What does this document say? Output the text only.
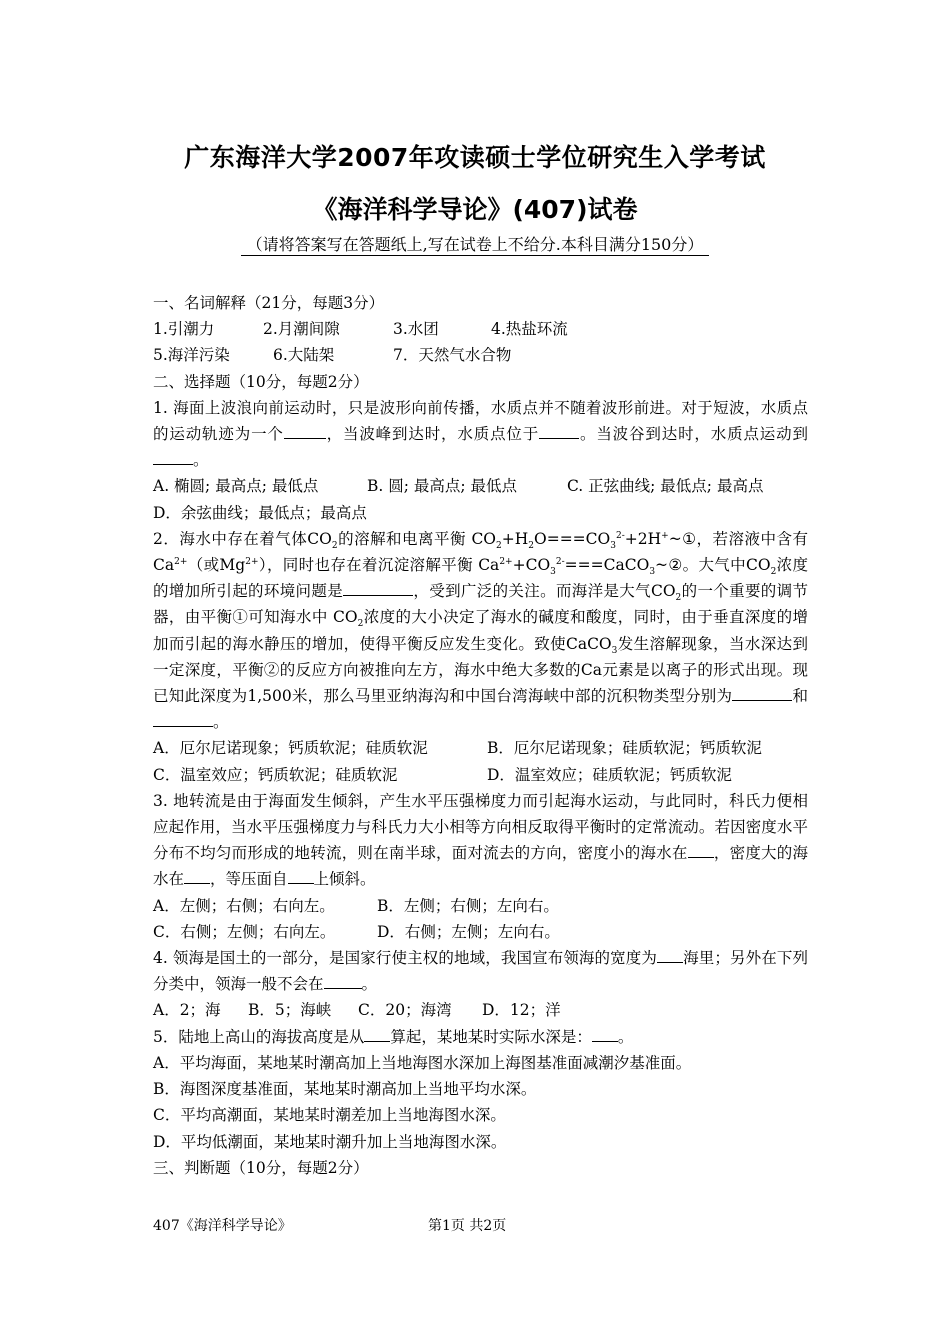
广东海洋大学2007年攻读硕士学位研究生入学考试
《海洋科学导论》(407)试卷
（请将答案写在答题纸上,写在试卷上不给分.本科目满分150分）

一、名词解释（21分，每题3分）

1.引潮力	2.月潮间隙	3.水团	4.热盐环流
5.海洋污染	6.大陆架	7．天然气水合物

二、选择题（10分，每题2分）

1. 海面上波浪向前运动时，只是波形向前传播，水质点并不随着波形前进。对于短波，水质点的运动轨迹为一个	，当波峰到达时，水质点位于	。当波谷到达时，水质点运动到。

A. 椭圆; 最高点; 最低点	B. 圆; 最高点; 最低点	C. 正弦曲线; 最低点; 最高点

D．余弦曲线；最低点；最高点

2．海水中存在着气体$CO_2$的溶解和电离平衡 $CO_2+H_2O===CO_3^{2-}+2H^+\sim ①$，若溶液中含有$Ca^{2+}$（或$Mg^{2+}$），同时也存在着沉淀溶解平衡 $Ca^{2+}+CO_3^{2-}===CaCO_3\sim ②$。大气中$CO_2$浓度的增加所引起的环境问题是	，受到广泛的关注。而海洋是大气$CO_2$的一个重要的调节器，由平衡①可知海水中 $CO_2$浓度的大小决定了海水的碱度和酸度，同时，由于垂直深度的增加而引起的海水静压的增加，使得平衡反应发生变化。致使CaCO$_3$发生溶解现象，当水深达到一定深度，平衡②的反应方向被推向左方，海水中绝大多数的Ca元素是以离子的形式出现。现已知此深度为1,500米，那么马里亚纳海沟和中国台湾海峡中部的沉积物类型分别为	和。

A．厄尔尼诺现象；钙质软泥；硅质软泥	B．厄尔尼诺现象；硅质软泥；钙质软泥
C．温室效应；钙质软泥；硅质软泥	D．温室效应；硅质软泥；钙质软泥

3. 地转流是由于海面发生倾斜，产生水平压强梯度力而引起海水运动，与此同时，科氏力便相应起作用，当水平压强梯度力与科氏力大小相等方向相反取得平衡时的定常流动。若因密度水平分布不均匀而形成的地转流，则在南半球，面对流去的方向，密度小的海水在 ，密度大的海水在 ，等压面自 上倾斜。

A．左侧；右侧；右向左。	B．左侧；右侧；左向右。
C．右侧；左侧；右向左。	D．右侧；左侧；左向右。

4. 领海是国土的一部分，是国家行使主权的地域，我国宣布领海的宽度为 海里；另外在下列分类中，领海一般不会在 。

A．2；海	B．5；海峡	C．20；海湾	D．12；洋

5．陆地上高山的海拔高度是从 算起，某地某时实际水深是： 。

A．平均海面，某地某时潮高加上当地海图水深加上海图基准面减潮汐基准面。

B．海图深度基准面，某地某时潮高加上当地平均水深。

C．平均高潮面，某地某时潮差加上当地海图水深。

D．平均低潮面，某地某时潮升加上当地海图水深。

三、判断题（10分，每题2分）

407《海洋科学导论》	第1页 共2页
